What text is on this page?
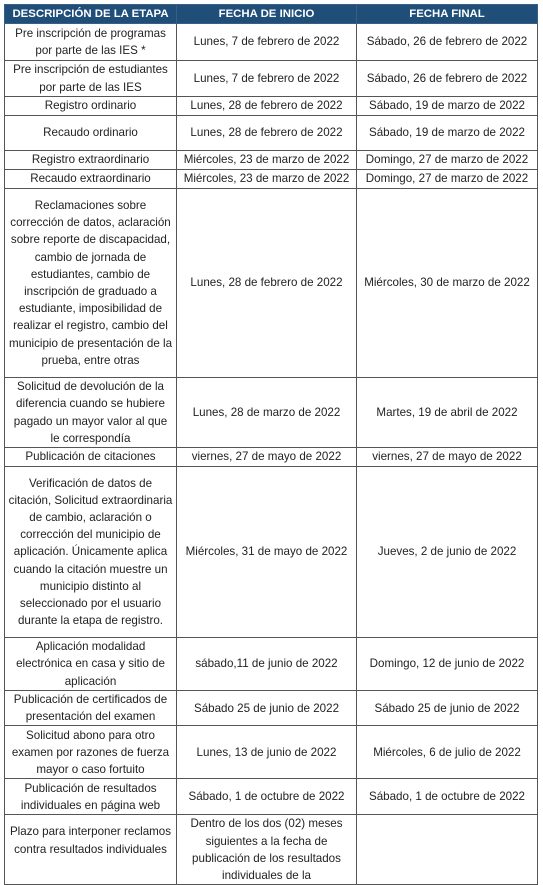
DESCRIPCIÓN DE LA ETAPA	FECHA DE INICIO	FECHA FINAL
Pre inscripción de programas por parte de las IES *	Lunes, 7 de febrero de 2022	Sábado, 26 de febrero de 2022
Pre inscripción de estudiantes por parte de las IES	Lunes, 7 de febrero de 2022	Sábado, 26 de febrero de 2022
Registro ordinario	Lunes, 28 de febrero de 2022	Sábado, 19 de marzo de 2022
Recaudo ordinario	Lunes, 28 de febrero de 2022	Sábado, 19 de marzo de 2022
Registro extraordinario	Miércoles, 23 de marzo de 2022	Domingo, 27 de marzo de 2022
Recaudo extraordinario	Miércoles, 23 de marzo de 2022	Domingo, 27 de marzo de 2022
Reclamaciones sobre corrección de datos, aclaración sobre reporte de discapacidad, cambio de jornada de estudiantes, cambio de inscripción de graduado a estudiante, imposibilidad de realizar el registro, cambio del municipio de presentación de la prueba, entre otras	Lunes, 28 de febrero de 2022	Miércoles, 30 de marzo de 2022
Solicitud de devolución de la diferencia cuando se hubiere pagado un mayor valor al que le correspondía	Lunes, 28 de marzo de 2022	Martes, 19 de abril de 2022
Publicación de citaciones	viernes, 27 de mayo de 2022	viernes, 27 de mayo de 2022
Verificación de datos de citación, Solicitud extraordinaria de cambio, aclaración o corrección del municipio de aplicación. Únicamente aplica cuando la citación muestre un municipio distinto al seleccionado por el usuario durante la etapa de registro.	Miércoles, 31 de mayo de 2022	Jueves, 2 de junio de 2022
Aplicación modalidad electrónica en casa y sitio de aplicación	sábado,11 de junio de 2022	Domingo, 12 de junio de 2022
Publicación de certificados de presentación del examen	Sábado 25 de junio de 2022	Sábado 25 de junio de 2022
Solicitud abono para otro examen por razones de fuerza mayor o caso fortuito	Lunes, 13 de junio de 2022	Miércoles, 6 de julio de 2022
Publicación de resultados individuales en página web	Sábado, 1 de octubre de 2022	Sábado, 1 de octubre de 2022
Plazo para interponer reclamos contra resultados individuales	Dentro de los dos (02) meses siguientes a la fecha de publicación de los resultados individuales de la	
